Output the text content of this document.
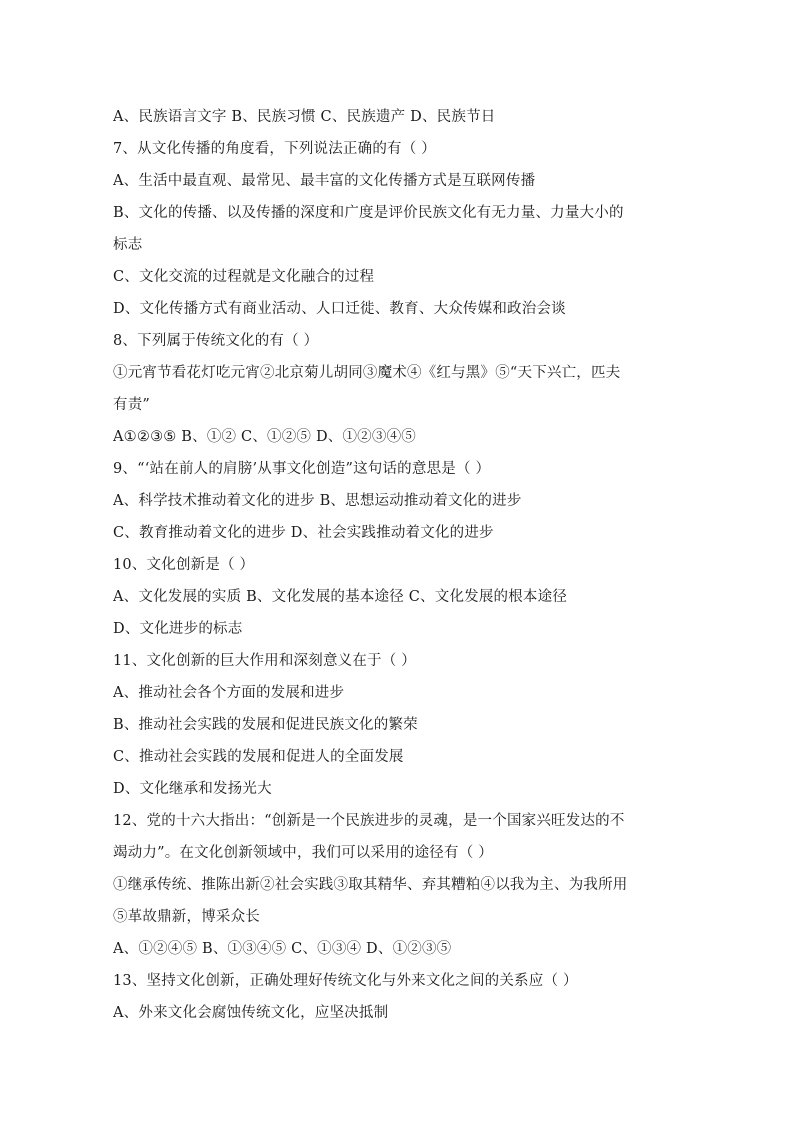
A、民族语言文字 B、民族习惯 C、民族遗产 D、民族节日
7、从文化传播的角度看，下列说法正确的有（ ）
A、生活中最直观、最常见、最丰富的文化传播方式是互联网传播
B、文化的传播、以及传播的深度和广度是评价民族文化有无力量、力量大小的
标志
C、文化交流的过程就是文化融合的过程
D、文化传播方式有商业活动、人口迁徙、教育、大众传媒和政治会谈
8、下列属于传统文化的有（ ）
①元宵节看花灯吃元宵②北京菊儿胡同③魔术④《红与黑》⑤“天下兴亡，匹夫
有责”
A①②③⑤ B、①② C、①②⑤ D、①②③④⑤
9、“‘站在前人的肩膀’从事文化创造”这句话的意思是（ ）
A、科学技术推动着文化的进步 B、思想运动推动着文化的进步
C、教育推动着文化的进步 D、社会实践推动着文化的进步
10、文化创新是（ ）
A、文化发展的实质 B、文化发展的基本途径 C、文化发展的根本途径
D、文化进步的标志
11、文化创新的巨大作用和深刻意义在于（ ）
A、推动社会各个方面的发展和进步
B、推动社会实践的发展和促进民族文化的繁荣
C、推动社会实践的发展和促进人的全面发展
D、文化继承和发扬光大
12、党的十六大指出：“创新是一个民族进步的灵魂，是一个国家兴旺发达的不
竭动力”。在文化创新领域中，我们可以采用的途径有（ ）
①继承传统、推陈出新②社会实践③取其精华、弃其糟粕④以我为主、为我所用
⑤革故鼎新，博采众长
A、①②④⑤ B、①③④⑤ C、①③④ D、①②③⑤
13、坚持文化创新，正确处理好传统文化与外来文化之间的关系应（ ）
A、外来文化会腐蚀传统文化，应坚决抵制
